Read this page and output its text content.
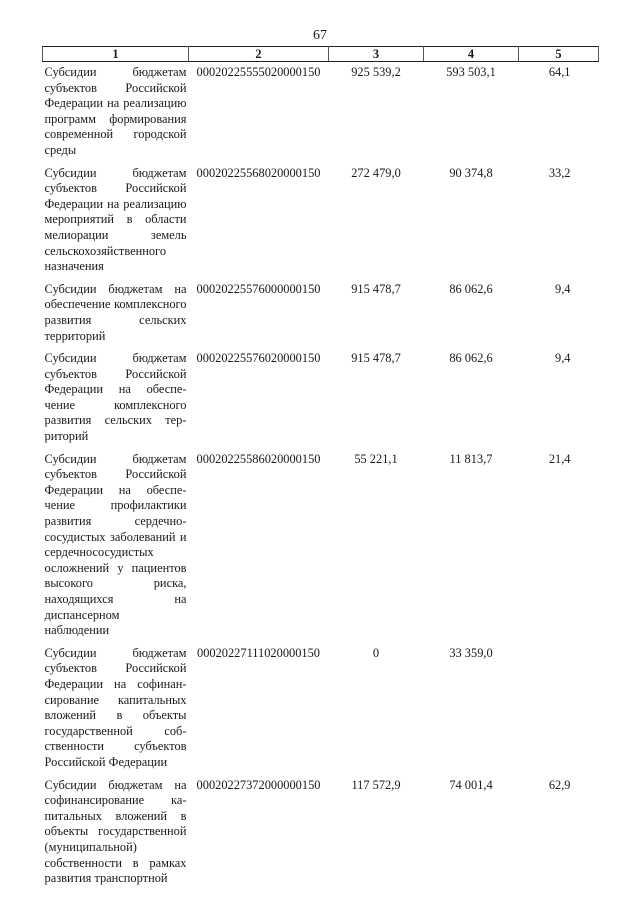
67
1	2	3	4	5
Субсидии бюджетам субъектов Российской Федерации на реализацию программ формирования современной городской среды	00020225555020000150	925 539,2	593 503,1	64,1
Субсидии бюджетам субъектов Российской Федерации на реализацию мероприятий в области мелиорации земель сельскохозяйственного назначения	00020225568020000150	272 479,0	90 374,8	33,2
Субсидии бюджетам на обеспечение комплексного развития сельских территорий	00020225576000000150	915 478,7	86 062,6	9,4
Субсидии бюджетам субъектов Российской Федерации на обеспечение комплексного развития сельских территорий	00020225576020000150	915 478,7	86 062,6	9,4
Субсидии бюджетам субъектов Российской Федерации на обеспечение профилактики развития сердечнососудистых заболеваний и сердечнососудистых осложнений у пациентов высокого риска, находящихся на диспансерном наблюдении	00020225586020000150	55 221,1	11 813,7	21,4
Субсидии бюджетам субъектов Российской Федерации на софинансирование капитальных вложений в объекты государственной собственности субъектов Российской Федерации	00020227111020000150	0	33 359,0	
Субсидии бюджетам на софинансирование капитальных вложений в объекты государственной (муниципальной) собственности в рамках развития транспортной	00020227372000000150	117 572,9	74 001,4	62,9
